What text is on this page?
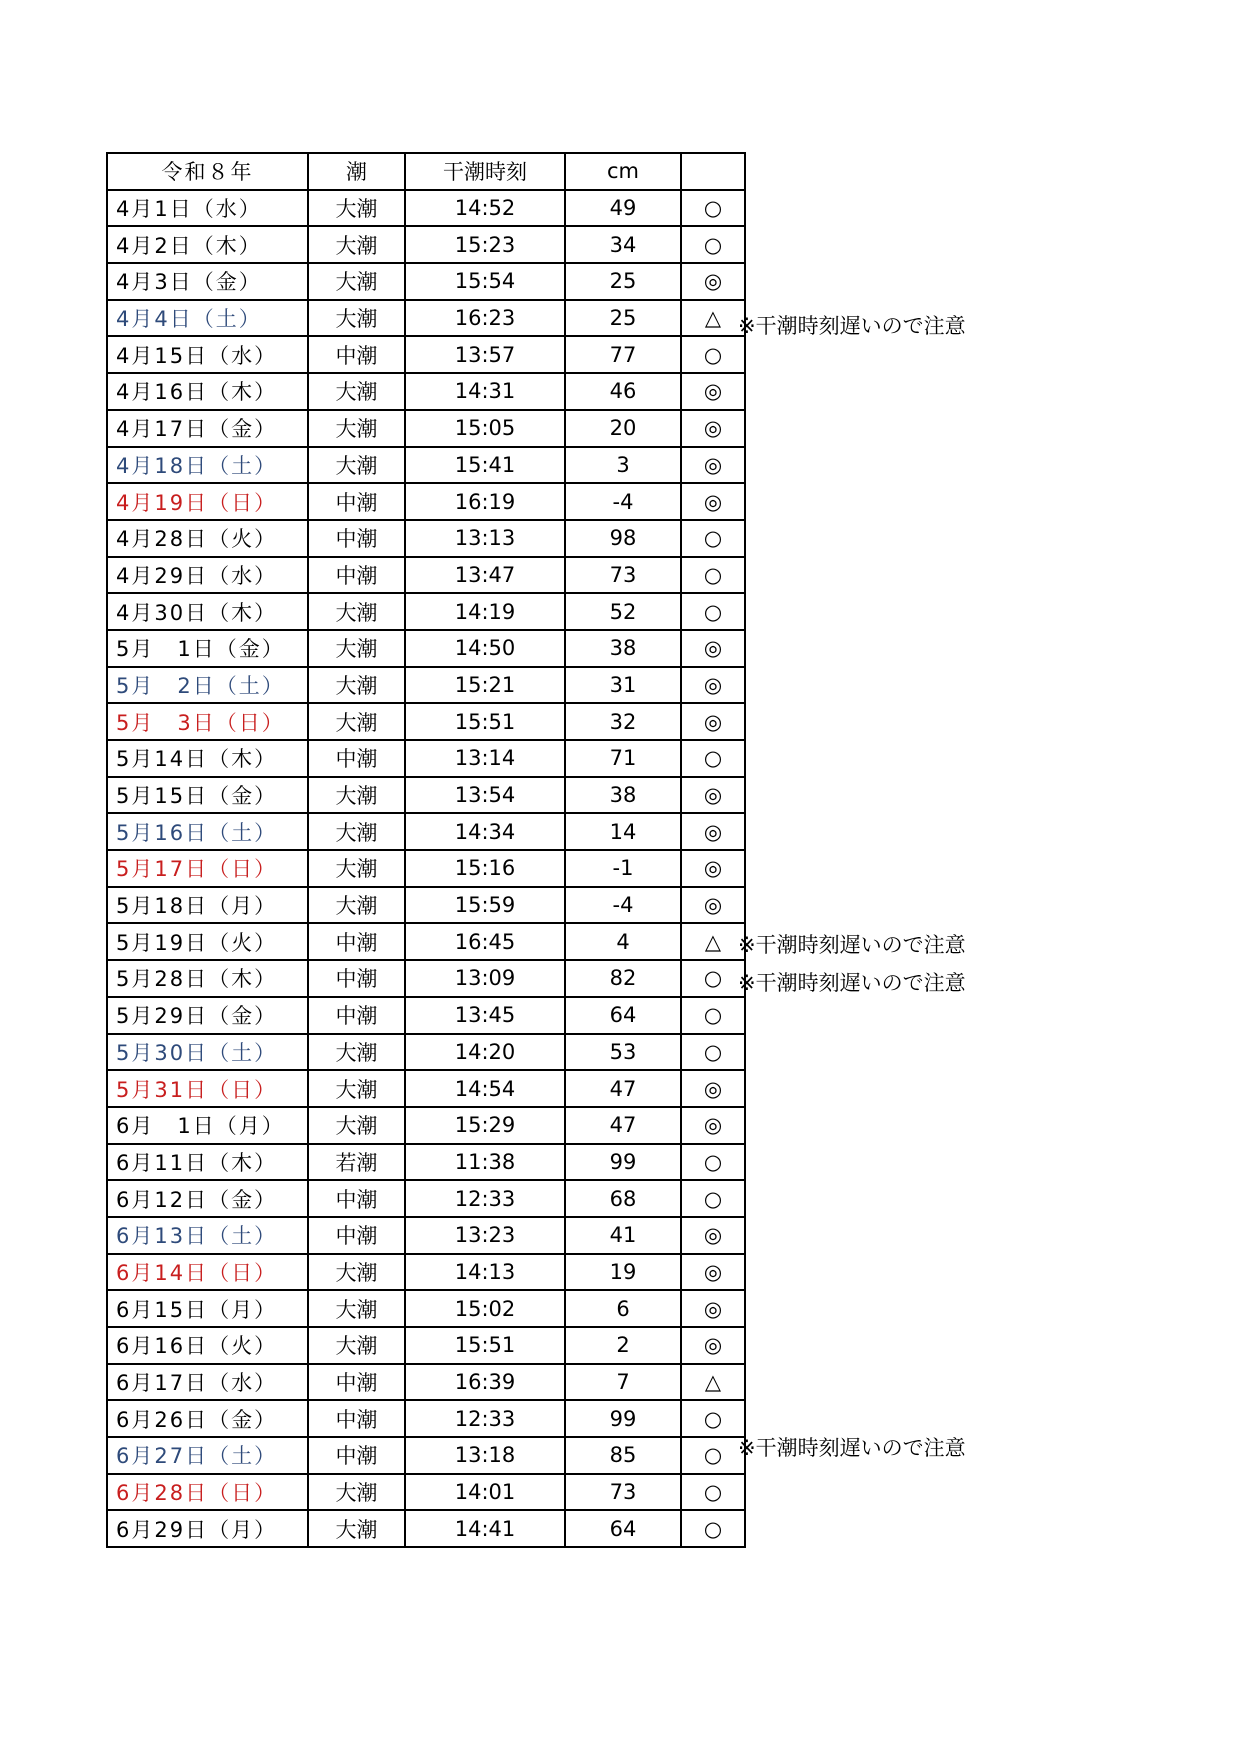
令和８年	潮	干潮時刻	cm	
4月1日（水）	大潮	14:52	49	○
4月2日（木）	大潮	15:23	34	○
4月3日（金）	大潮	15:54	25	◎
4月4日（土）	大潮	16:23	25	△
4月15日（水）	中潮	13:57	77	○
4月16日（木）	大潮	14:31	46	◎
4月17日（金）	大潮	15:05	20	◎
4月18日（土）	大潮	15:41	3	◎
4月19日（日）	中潮	16:19	-4	◎
4月28日（火）	中潮	13:13	98	○
4月29日（水）	中潮	13:47	73	○
4月30日（木）	大潮	14:19	52	○
5月　1日（金）	大潮	14:50	38	◎
5月　2日（土）	大潮	15:21	31	◎
5月　3日（日）	大潮	15:51	32	◎
5月14日（木）	中潮	13:14	71	○
5月15日（金）	大潮	13:54	38	◎
5月16日（土）	大潮	14:34	14	◎
5月17日（日）	大潮	15:16	-1	◎
5月18日（月）	大潮	15:59	-4	◎
5月19日（火）	中潮	16:45	4	△
5月28日（木）	中潮	13:09	82	○
5月29日（金）	中潮	13:45	64	○
5月30日（土）	大潮	14:20	53	○
5月31日（日）	大潮	14:54	47	◎
6月　1日（月）	大潮	15:29	47	◎
6月11日（木）	若潮	11:38	99	○
6月12日（金）	中潮	12:33	68	○
6月13日（土）	中潮	13:23	41	◎
6月14日（日）	大潮	14:13	19	◎
6月15日（月）	大潮	15:02	6	◎
6月16日（火）	大潮	15:51	2	◎
6月17日（水）	中潮	16:39	7	△
6月26日（金）	中潮	12:33	99	○
6月27日（土）	中潮	13:18	85	○
6月28日（日）	大潮	14:01	73	○
6月29日（月）	大潮	14:41	64	○
※干潮時刻遅いので注意
※干潮時刻遅いので注意
※干潮時刻遅いので注意
※干潮時刻遅いので注意
